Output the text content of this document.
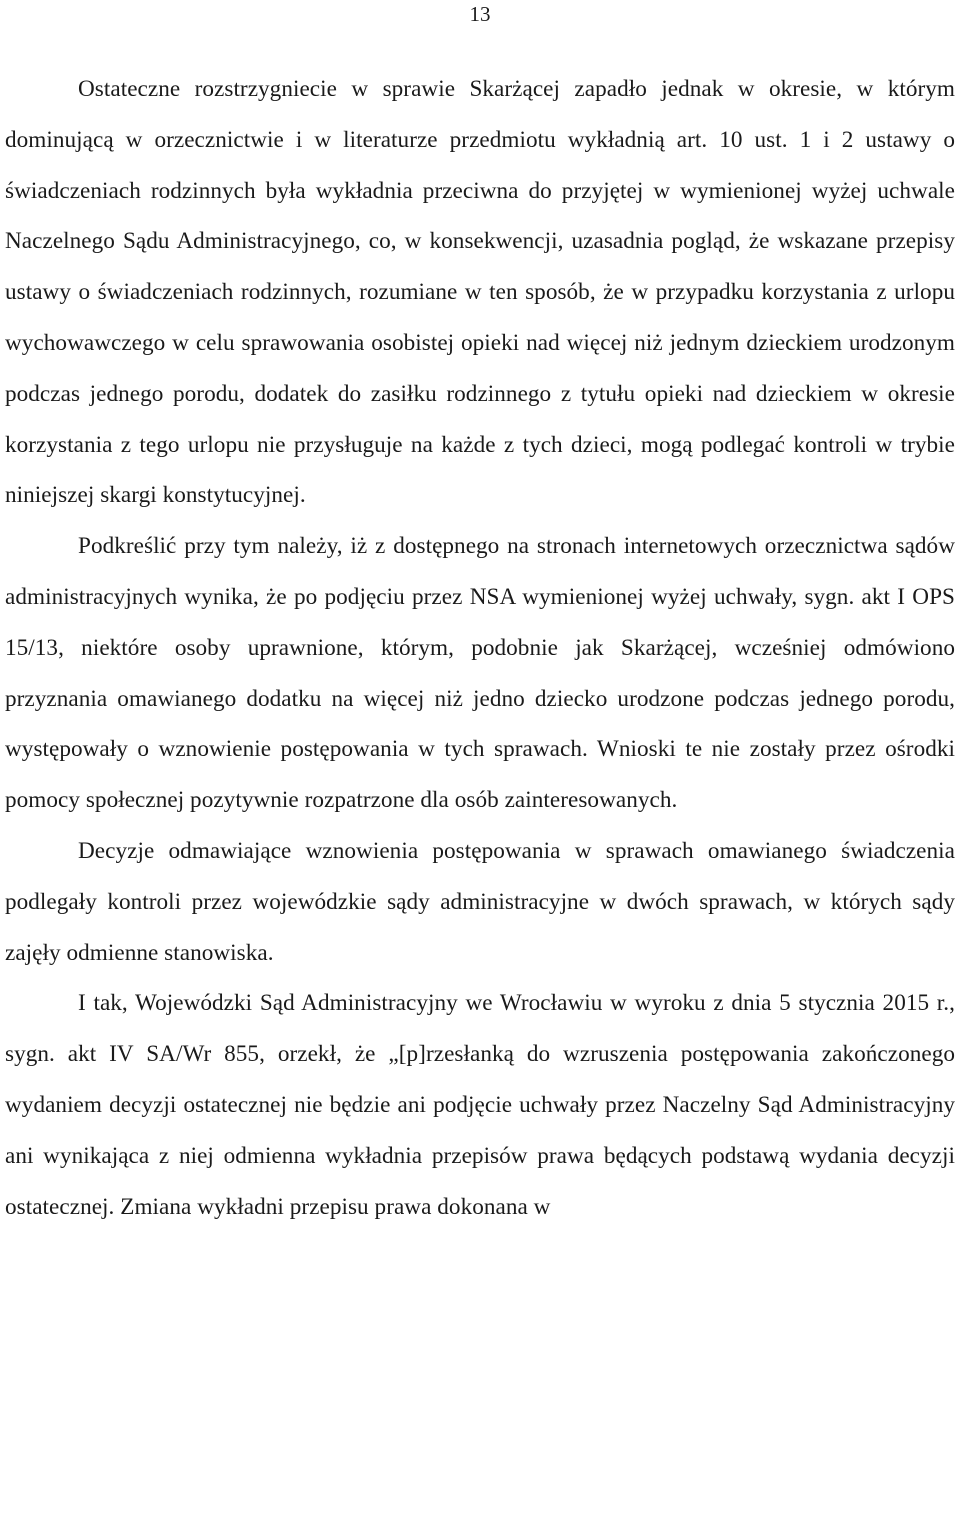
13

Ostateczne rozstrzygniecie w sprawie Skarżącej zapadło jednak w okresie, w którym dominującą w orzecznictwie i w literaturze przedmiotu wykładnią art. 10 ust. 1 i 2 ustawy o świadczeniach rodzinnych była wykładnia przeciwna do przyjętej w wymienionej wyżej uchwale Naczelnego Sądu Administracyjnego, co, w konsekwencji, uzasadnia pogląd, że wskazane przepisy ustawy o świadczeniach rodzinnych, rozumiane w ten sposób, że w przypadku korzystania z urlopu wychowawczego w celu sprawowania osobistej opieki nad więcej niż jednym dzieckiem urodzonym podczas jednego porodu, dodatek do zasiłku rodzinnego z tytułu opieki nad dzieckiem w okresie korzystania z tego urlopu nie przysługuje na każde z tych dzieci, mogą podlegać kontroli w trybie niniejszej skargi konstytucyjnej.

Podkreślić przy tym należy, iż z dostępnego na stronach internetowych orzecznictwa sądów administracyjnych wynika, że po podjęciu przez NSA wymienionej wyżej uchwały, sygn. akt I OPS 15/13, niektóre osoby uprawnione, którym, podobnie jak Skarżącej, wcześniej odmówiono przyznania omawianego dodatku na więcej niż jedno dziecko urodzone podczas jednego porodu, występowały o wznowienie postępowania w tych sprawach. Wnioski te nie zostały przez ośrodki pomocy społecznej pozytywnie rozpatrzone dla osób zainteresowanych.

Decyzje odmawiające wznowienia postępowania w sprawach omawianego świadczenia podlegały kontroli przez wojewódzkie sądy administracyjne w dwóch sprawach, w których sądy zajęły odmienne stanowiska.

I tak, Wojewódzki Sąd Administracyjny we Wrocławiu w wyroku z dnia 5 stycznia 2015 r., sygn. akt IV SA/Wr 855, orzekł, że „[p]rzesłanką do wzruszenia postępowania zakończonego wydaniem decyzji ostatecznej nie będzie ani podjęcie uchwały przez Naczelny Sąd Administracyjny ani wynikająca z niej odmienna wykładnia przepisów prawa będących podstawą wydania decyzji ostatecznej. Zmiana wykładni przepisu prawa dokonana w
